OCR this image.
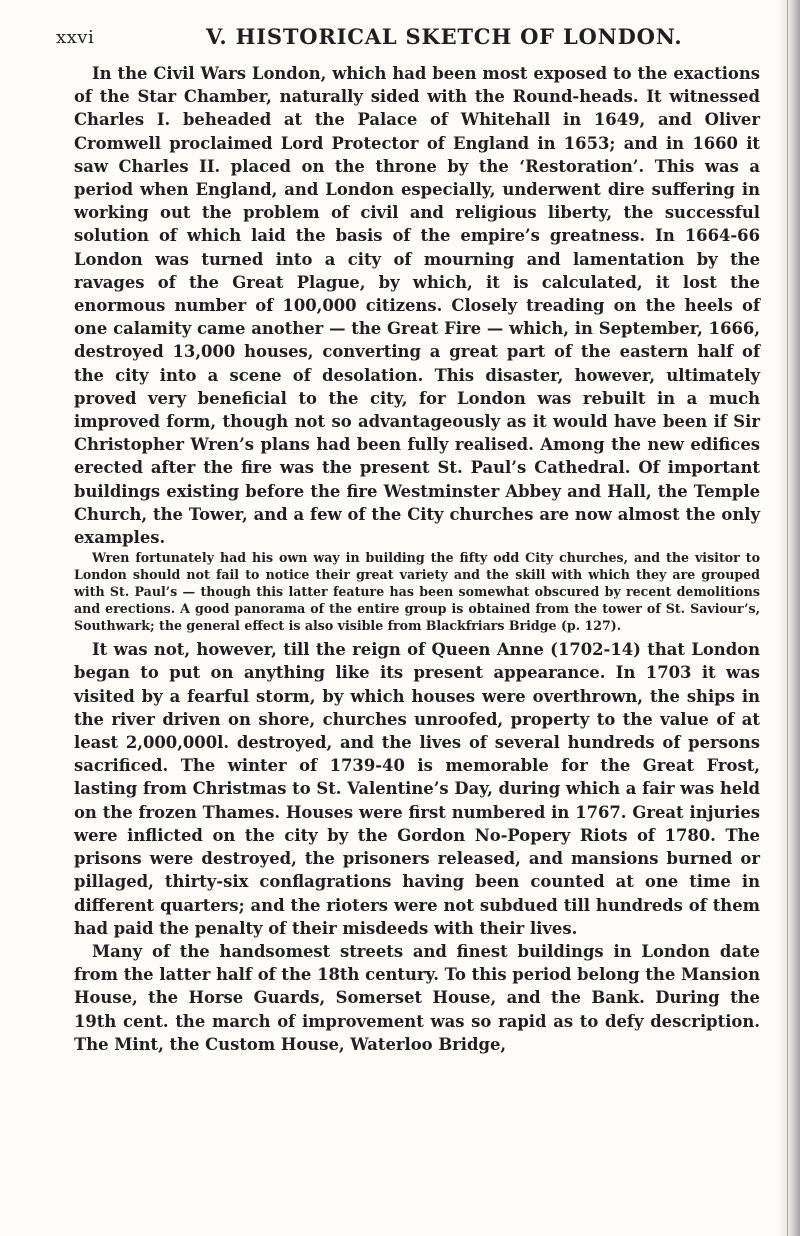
xxvi	V. HISTORICAL SKETCH OF LONDON.

In the Civil Wars London, which had been most exposed to the exactions of the Star Chamber, naturally sided with the Round-heads. It witnessed Charles I. beheaded at the Palace of Whitehall in 1649, and Oliver Cromwell proclaimed Lord Protector of England in 1653; and in 1660 it saw Charles II. placed on the throne by the ‘Restoration’. This was a period when England, and London especially, underwent dire suffering in working out the problem of civil and religious liberty, the successful solution of which laid the basis of the empire’s greatness. In 1664-66 London was turned into a city of mourning and lamentation by the ravages of the Great Plague, by which, it is calculated, it lost the enormous number of 100,000 citizens. Closely treading on the heels of one calamity came another — the Great Fire — which, in September, 1666, destroyed 13,000 houses, converting a great part of the eastern half of the city into a scene of desolation. This disaster, however, ultimately proved very beneficial to the city, for London was rebuilt in a much improved form, though not so advantageously as it would have been if Sir Christopher Wren’s plans had been fully realised. Among the new edifices erected after the fire was the present St. Paul’s Cathedral. Of important buildings existing before the fire Westminster Abbey and Hall, the Temple Church, the Tower, and a few of the City churches are now almost the only examples.

Wren fortunately had his own way in building the fifty odd City churches, and the visitor to London should not fail to notice their great variety and the skill with which they are grouped with St. Paul’s — though this latter feature has been somewhat obscured by recent demolitions and erections. A good panorama of the entire group is obtained from the tower of St. Saviour’s, Southwark; the general effect is also visible from Blackfriars Bridge (p. 127).

It was not, however, till the reign of Queen Anne (1702-14) that London began to put on anything like its present appearance. In 1703 it was visited by a fearful storm, by which houses were overthrown, the ships in the river driven on shore, churches unroofed, property to the value of at least 2,000,000l. destroyed, and the lives of several hundreds of persons sacrificed. The winter of 1739-40 is memorable for the Great Frost, lasting from Christmas to St. Valentine’s Day, during which a fair was held on the frozen Thames. Houses were first numbered in 1767. Great injuries were inflicted on the city by the Gordon No-Popery Riots of 1780. The prisons were destroyed, the prisoners released, and mansions burned or pillaged, thirty-six conflagrations having been counted at one time in different quarters; and the rioters were not subdued till hundreds of them had paid the penalty of their misdeeds with their lives.

Many of the handsomest streets and finest buildings in London date from the latter half of the 18th century. To this period belong the Mansion House, the Horse Guards, Somerset House, and the Bank. During the 19th cent. the march of improvement was so rapid as to defy description. The Mint, the Custom House, Waterloo Bridge,
